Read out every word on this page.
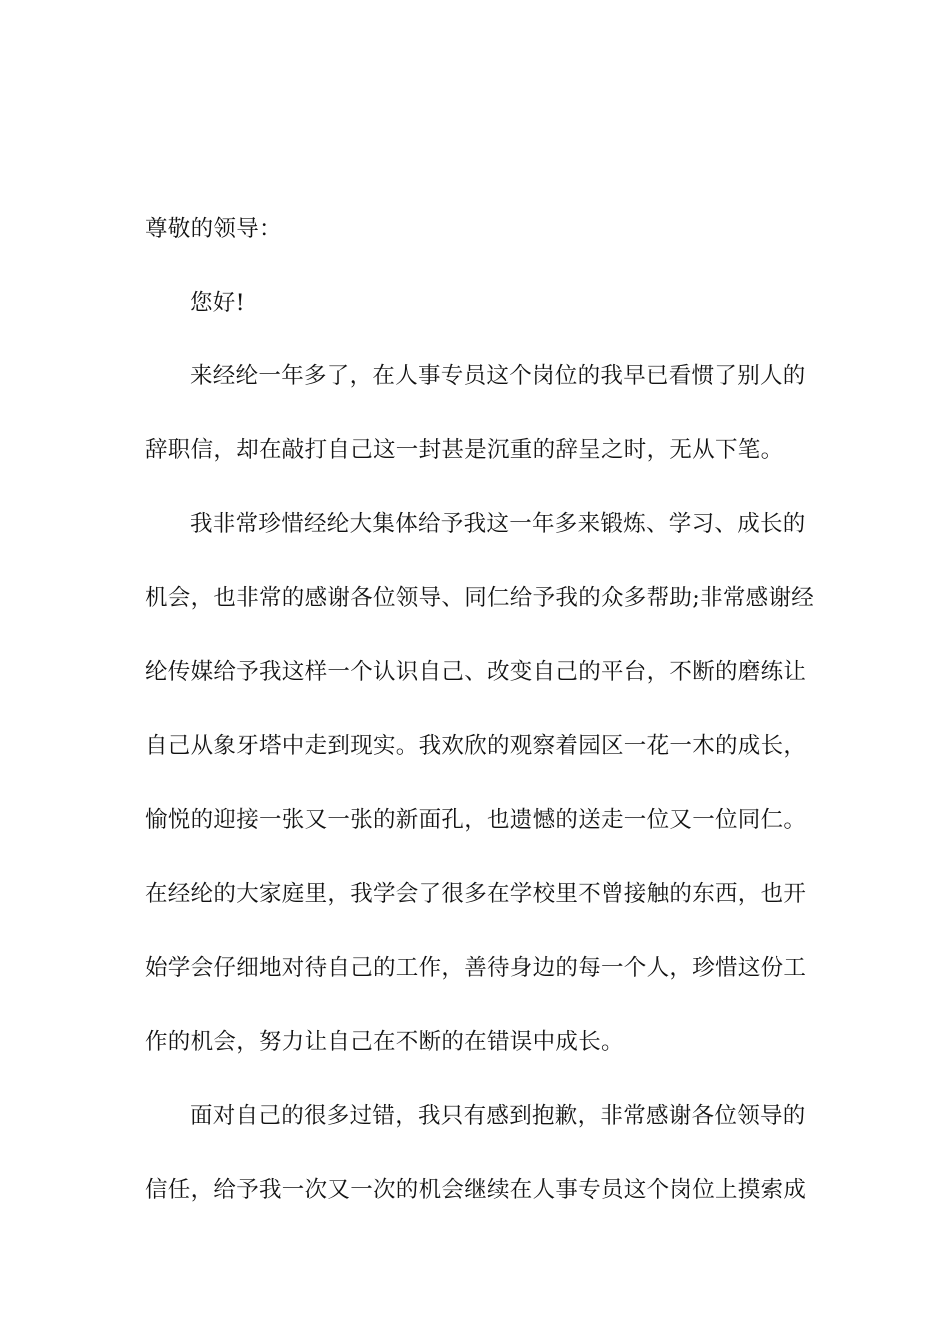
尊敬的领导：
您好!
来经纶一年多了，在人事专员这个岗位的我早已看惯了别人的
辞职信，却在敲打自己这一封甚是沉重的辞呈之时，无从下笔。
我非常珍惜经纶大集体给予我这一年多来锻炼、学习、成长的
机会，也非常的感谢各位领导、同仁给予我的众多帮助;非常感谢经
纶传媒给予我这样一个认识自己、改变自己的平台，不断的磨练让
自己从象牙塔中走到现实。我欢欣的观察着园区一花一木的成长，
愉悦的迎接一张又一张的新面孔，也遗憾的送走一位又一位同仁。
在经纶的大家庭里，我学会了很多在学校里不曾接触的东西，也开
始学会仔细地对待自己的工作，善待身边的每一个人，珍惜这份工
作的机会，努力让自己在不断的在错误中成长。
面对自己的很多过错，我只有感到抱歉，非常感谢各位领导的
信任，给予我一次又一次的机会继续在人事专员这个岗位上摸索成
